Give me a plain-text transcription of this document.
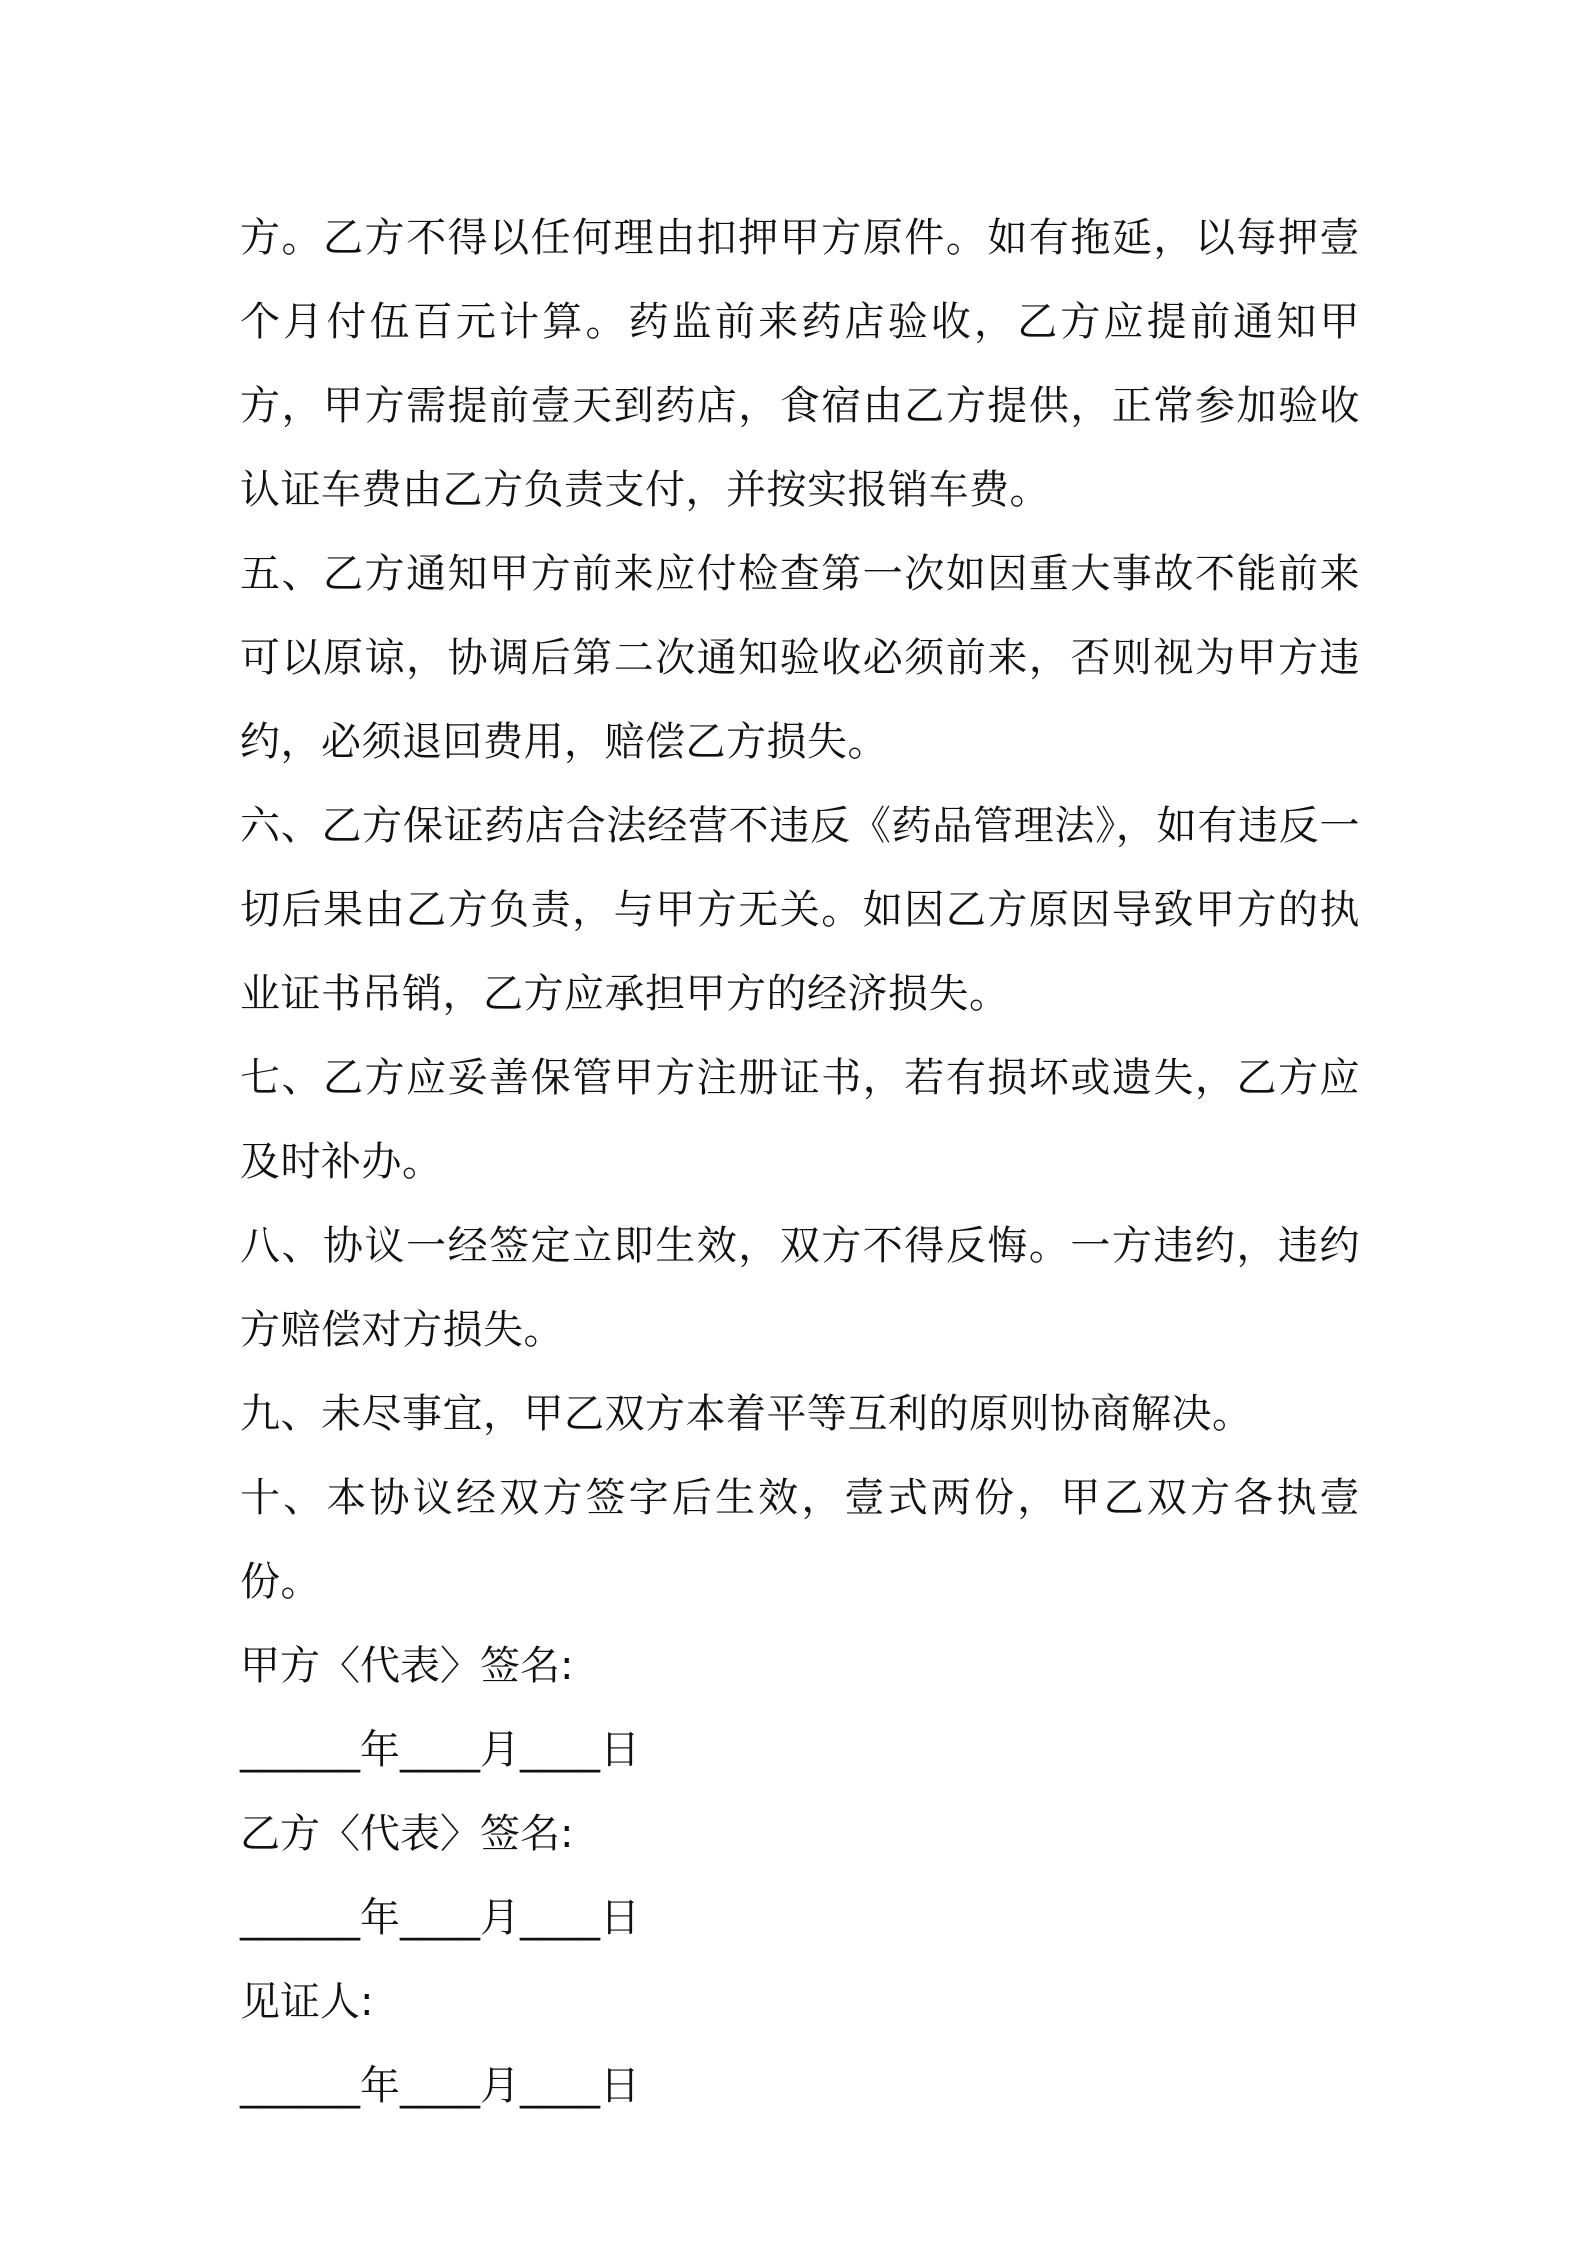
方。乙方不得以任何理由扣押甲方原件。如有拖延，以每押壹个月付伍百元计算。药监前来药店验收，乙方应提前通知甲方，甲方需提前壹天到药店，食宿由乙方提供，正常参加验收认证车费由乙方负责支付，并按实报销车费。

五、乙方通知甲方前来应付检查第一次如因重大事故不能前来可以原谅，协调后第二次通知验收必须前来，否则视为甲方违约，必须退回费用，赔偿乙方损失。

六、乙方保证药店合法经营不违反《药品管理法》，如有违反一切后果由乙方负责，与甲方无关。如因乙方原因导致甲方的执业证书吊销，乙方应承担甲方的经济损失。

七、乙方应妥善保管甲方注册证书，若有损坏或遗失，乙方应及时补办。

八、协议一经签定立即生效，双方不得反悔。一方违约，违约方赔偿对方损失。

九、未尽事宜，甲乙双方本着平等互利的原则协商解决。

十、本协议经双方签字后生效，壹式两份，甲乙双方各执壹份。

甲方〈代表〉签名:

______年____月____日

乙方〈代表〉签名:

______年____月____日

见证人:

______年____月____日
